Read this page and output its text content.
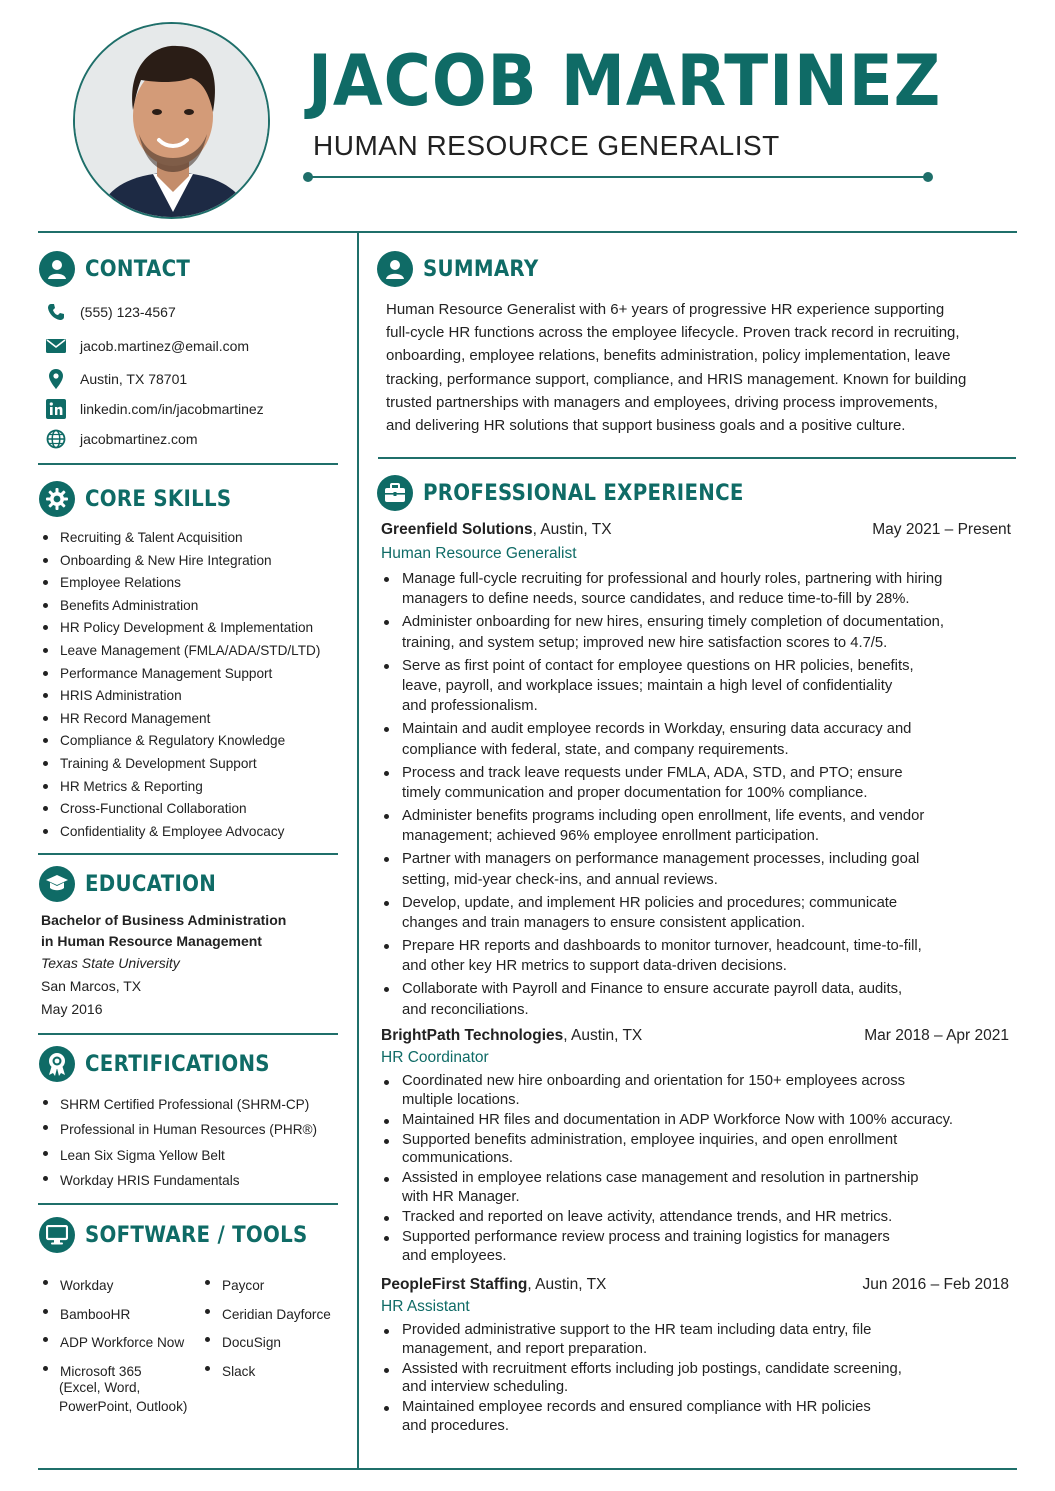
JACOB MARTINEZ
HUMAN RESOURCE GENERALIST
CONTACT
(555) 123-4567
jacob.martinez@email.com
Austin, TX 78701
linkedin.com/in/jacobmartinez
jacobmartinez.com
CORE SKILLS
Recruiting & Talent Acquisition
Onboarding & New Hire Integration
Employee Relations
Benefits Administration
HR Policy Development & Implementation
Leave Management (FMLA/ADA/STD/LTD)
Performance Management Support
HRIS Administration
HR Record Management
Compliance & Regulatory Knowledge
Training & Development Support
HR Metrics & Reporting
Cross-Functional Collaboration
Confidentiality & Employee Advocacy
EDUCATION
Bachelor of Business Administration
in Human Resource Management
Texas State University
San Marcos, TX
May 2016
CERTIFICATIONS
SHRM Certified Professional (SHRM-CP)
Professional in Human Resources (PHR®)
Lean Six Sigma Yellow Belt
Workday HRIS Fundamentals
SOFTWARE / TOOLS
Workday
BambooHR
ADP Workforce Now
Microsoft 365
(Excel, Word,
PowerPoint, Outlook)
Paycor
Ceridian Dayforce
DocuSign
Slack
SUMMARY
Human Resource Generalist with 6+ years of progressive HR experience supporting
full-cycle HR functions across the employee lifecycle. Proven track record in recruiting,
onboarding, employee relations, benefits administration, policy implementation, leave
tracking, performance support, compliance, and HRIS management. Known for building
trusted partnerships with managers and employees, driving process improvements,
and delivering HR solutions that support business goals and a positive culture.
PROFESSIONAL EXPERIENCE
Greenfield Solutions, Austin, TX	May 2021 – Present
Human Resource Generalist
Manage full-cycle recruiting for professional and hourly roles, partnering with hiring
managers to define needs, source candidates, and reduce time-to-fill by 28%.
Administer onboarding for new hires, ensuring timely completion of documentation,
training, and system setup; improved new hire satisfaction scores to 4.7/5.
Serve as first point of contact for employee questions on HR policies, benefits,
leave, payroll, and workplace issues; maintain a high level of confidentiality
and professionalism.
Maintain and audit employee records in Workday, ensuring data accuracy and
compliance with federal, state, and company requirements.
Process and track leave requests under FMLA, ADA, STD, and PTO; ensure
timely communication and proper documentation for 100% compliance.
Administer benefits programs including open enrollment, life events, and vendor
management; achieved 96% employee enrollment participation.
Partner with managers on performance management processes, including goal
setting, mid-year check-ins, and annual reviews.
Develop, update, and implement HR policies and procedures; communicate
changes and train managers to ensure consistent application.
Prepare HR reports and dashboards to monitor turnover, headcount, time-to-fill,
and other key HR metrics to support data-driven decisions.
Collaborate with Payroll and Finance to ensure accurate payroll data, audits,
and reconciliations.
BrightPath Technologies, Austin, TX	Mar 2018 – Apr 2021
HR Coordinator
Coordinated new hire onboarding and orientation for 150+ employees across
multiple locations.
Maintained HR files and documentation in ADP Workforce Now with 100% accuracy.
Supported benefits administration, employee inquiries, and open enrollment
communications.
Assisted in employee relations case management and resolution in partnership
with HR Manager.
Tracked and reported on leave activity, attendance trends, and HR metrics.
Supported performance review process and training logistics for managers
and employees.
PeopleFirst Staffing, Austin, TX	Jun 2016 – Feb 2018
HR Assistant
Provided administrative support to the HR team including data entry, file
management, and report preparation.
Assisted with recruitment efforts including job postings, candidate screening,
and interview scheduling.
Maintained employee records and ensured compliance with HR policies
and procedures.
